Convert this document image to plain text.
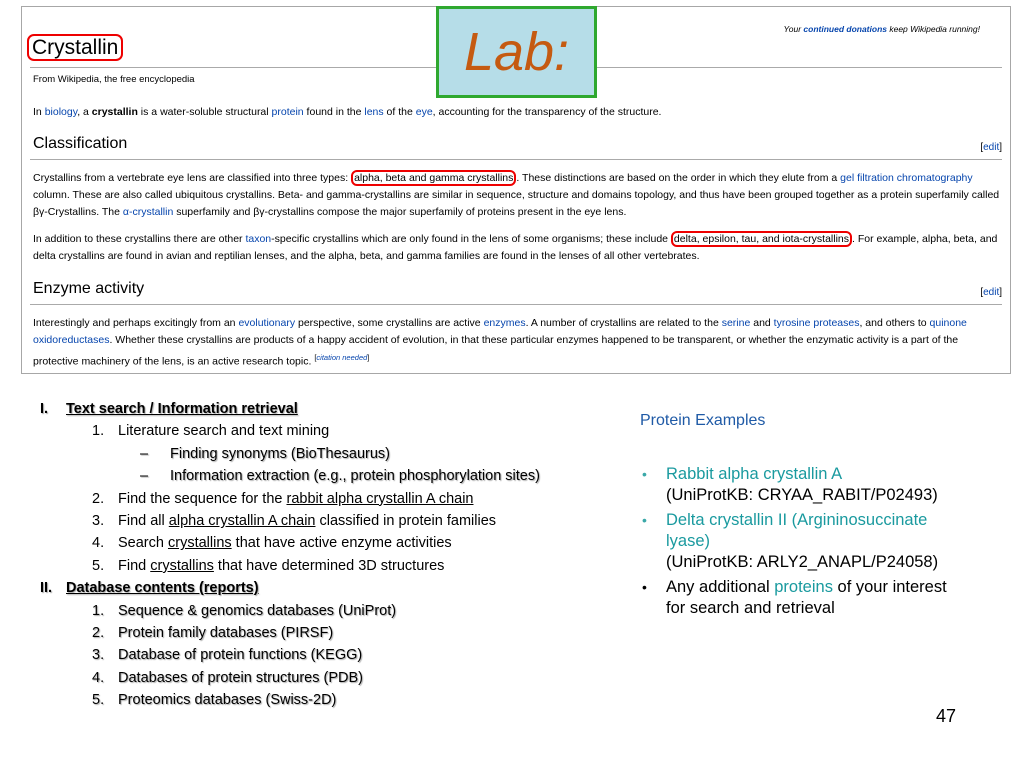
Your continued donations keep Wikipedia running!
Crystallin
From Wikipedia, the free encyclopedia
In biology, a crystallin is a water-soluble structural protein found in the lens of the eye, accounting for the transparency of the structure.
Classification	[edit]
Crystallins from a vertebrate eye lens are classified into three types: alpha, beta and gamma crystallins . These distinctions are based on the order in which they elute from a gel filtration chromatography column. These are also called ubiquitous crystallins. Beta- and gamma-crystallins are similar in sequence, structure and domains topology, and thus have been grouped together as a protein superfamily called βγ-Crystallins. The α-crystallin superfamily and βγ-crystallins compose the major superfamily of proteins present in the eye lens.
In addition to these crystallins there are other taxon-specific crystallins which are only found in the lens of some organisms; these include delta, epsilon, tau, and iota-crystallins . For example, alpha, beta, and delta crystallins are found in avian and reptilian lenses, and the alpha, beta, and gamma families are found in the lenses of all other vertebrates.
Enzyme activity	[edit]
Interestingly and perhaps excitingly from an evolutionary perspective, some crystallins are active enzymes. A number of crystallins are related to the serine and tyrosine proteases, and others to quinone oxidoreductases. Whether these crystallins are products of a happy accident of evolution, in that these particular enzymes happened to be transparent, or whether the enzymatic activity is a part of the protective machinery of the lens, is an active research topic. [citation needed]
Lab:
I. Text search / Information retrieval
1. Literature search and text mining
– Finding synonyms (BioThesaurus)
– Information extraction (e.g., protein phosphorylation sites)
2. Find the sequence for the rabbit alpha crystallin A chain
3. Find all alpha crystallin A chain classified in protein families
4. Search crystallins that have active enzyme activities
5. Find crystallins that have determined 3D structures
II. Database contents (reports)
1. Sequence & genomics databases (UniProt)
2. Protein family databases (PIRSF)
3. Database of protein functions (KEGG)
4. Databases of protein structures (PDB)
5. Proteomics databases (Swiss-2D)
Protein Examples
• Rabbit alpha crystallin A
(UniProtKB: CRYAA_RABIT/P02493)
• Delta crystallin II (Argininosuccinate lyase)
(UniProtKB: ARLY2_ANAPL/P24058)
• Any additional proteins of your interest for search and retrieval
47
